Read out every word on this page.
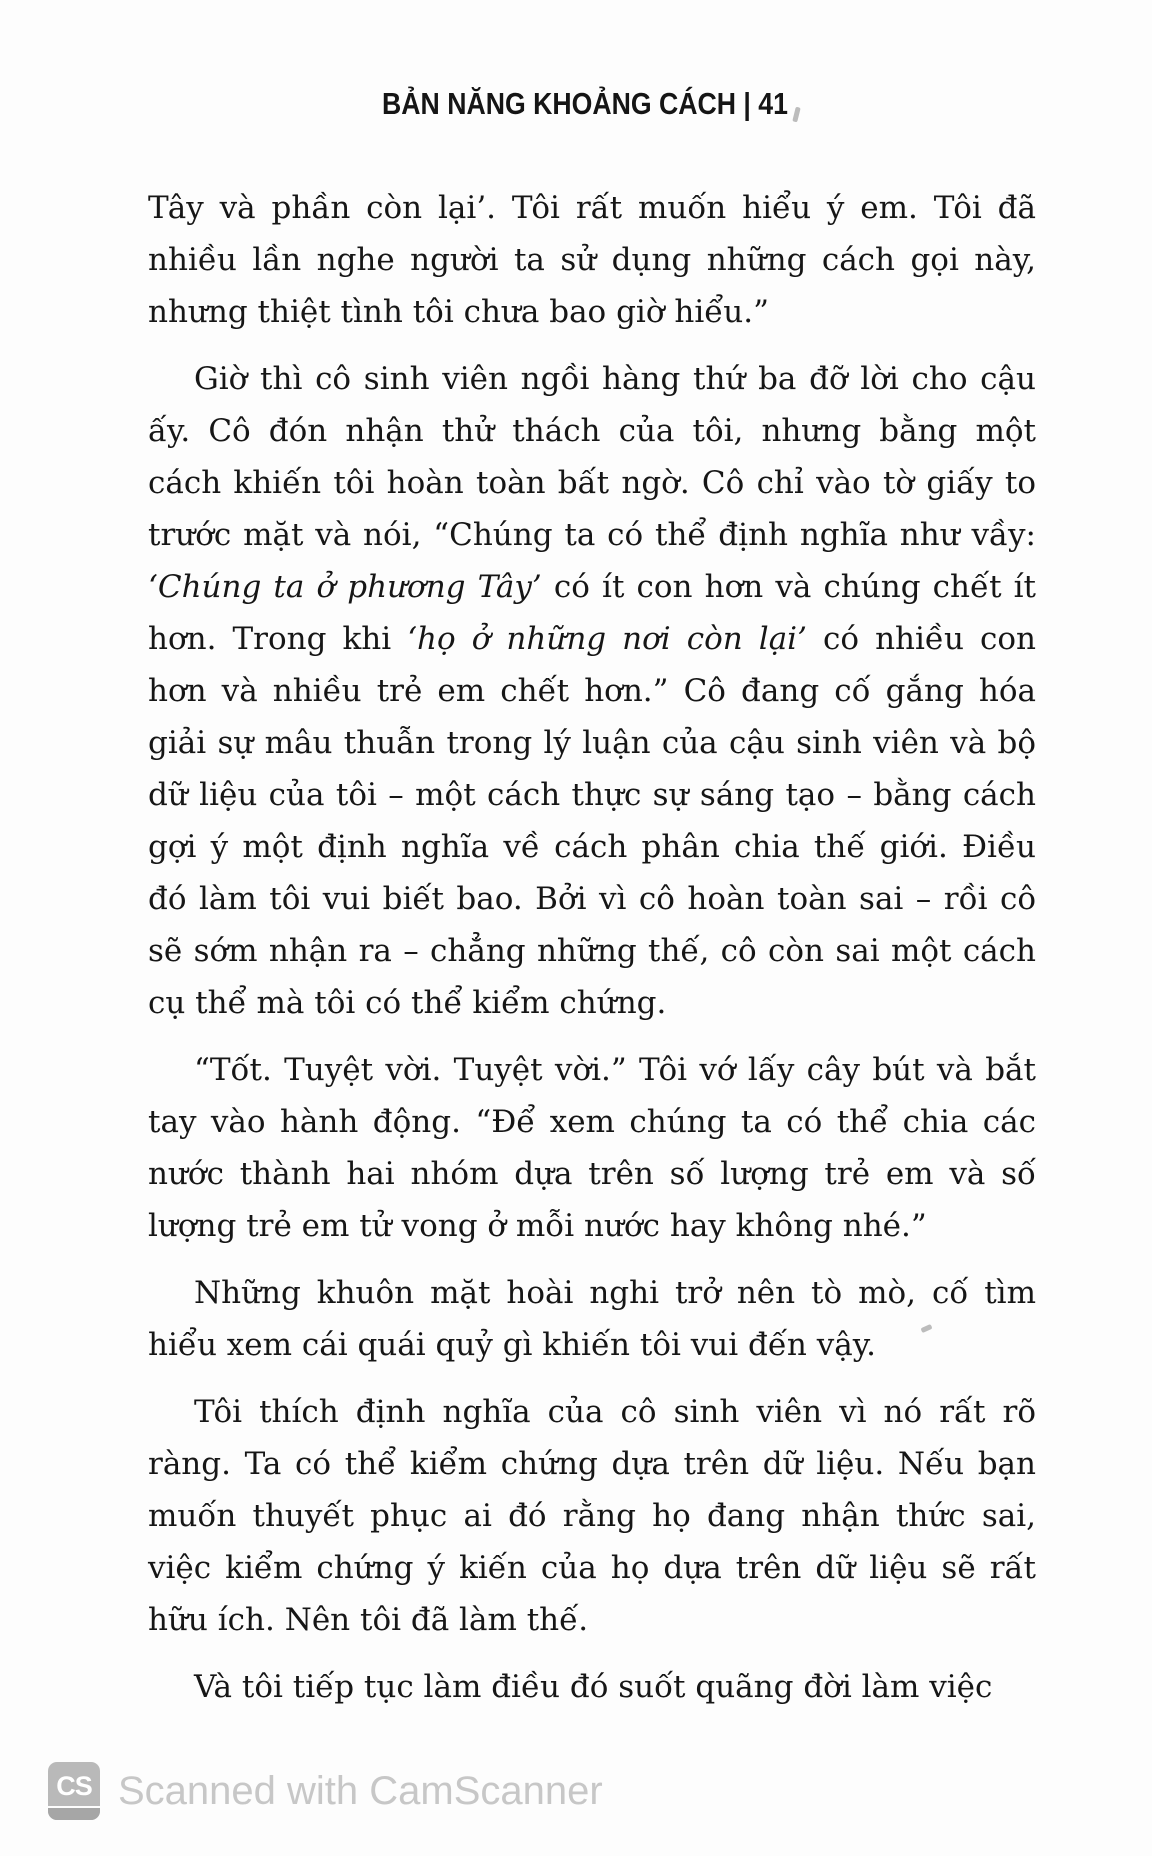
BẢN NĂNG KHOẢNG CÁCH | 41

Tây và phần còn lại’. Tôi rất muốn hiểu ý em. Tôi đã nhiều lần nghe người ta sử dụng những cách gọi này, nhưng thiệt tình tôi chưa bao giờ hiểu.”

Giờ thì cô sinh viên ngồi hàng thứ ba đỡ lời cho cậu ấy. Cô đón nhận thử thách của tôi, nhưng bằng một cách khiến tôi hoàn toàn bất ngờ. Cô chỉ vào tờ giấy to trước mặt và nói, “Chúng ta có thể định nghĩa như vầy: ‘Chúng ta ở phương Tây’ có ít con hơn và chúng chết ít hơn. Trong khi ‘họ ở những nơi còn lại’ có nhiều con hơn và nhiều trẻ em chết hơn.” Cô đang cố gắng hóa giải sự mâu thuẫn trong lý luận của cậu sinh viên và bộ dữ liệu của tôi – một cách thực sự sáng tạo – bằng cách gợi ý một định nghĩa về cách phân chia thế giới. Điều đó làm tôi vui biết bao. Bởi vì cô hoàn toàn sai – rồi cô sẽ sớm nhận ra – chẳng những thế, cô còn sai một cách cụ thể mà tôi có thể kiểm chứng.

“Tốt. Tuyệt vời. Tuyệt vời.” Tôi vớ lấy cây bút và bắt tay vào hành động. “Để xem chúng ta có thể chia các nước thành hai nhóm dựa trên số lượng trẻ em và số lượng trẻ em tử vong ở mỗi nước hay không nhé.”

Những khuôn mặt hoài nghi trở nên tò mò, cố tìm hiểu xem cái quái quỷ gì khiến tôi vui đến vậy.

Tôi thích định nghĩa của cô sinh viên vì nó rất rõ ràng. Ta có thể kiểm chứng dựa trên dữ liệu. Nếu bạn muốn thuyết phục ai đó rằng họ đang nhận thức sai, việc kiểm chứng ý kiến của họ dựa trên dữ liệu sẽ rất hữu ích. Nên tôi đã làm thế.

Và tôi tiếp tục làm điều đó suốt quãng đời làm việc

CS Scanned with CamScanner
